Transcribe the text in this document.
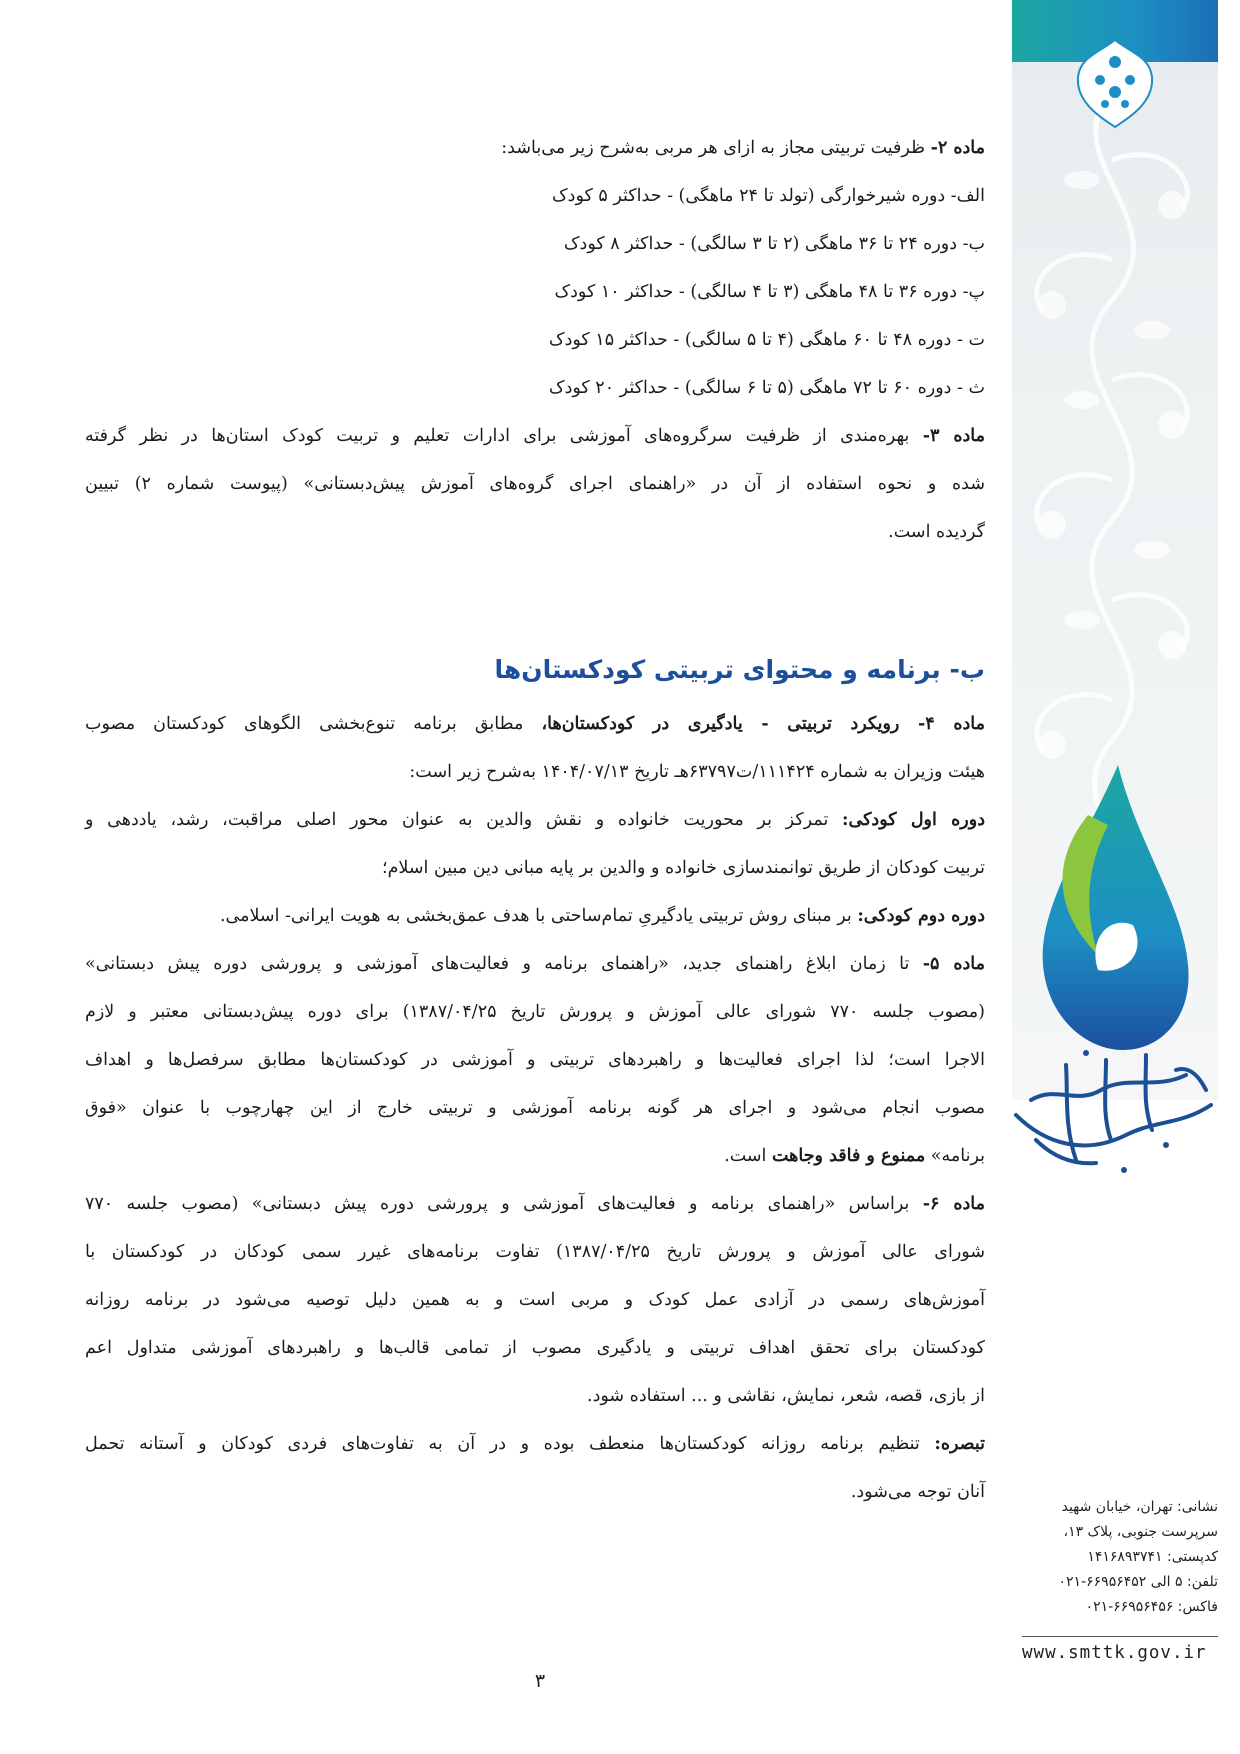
نشانی: تهران، خیابان شهید
سرپرست جنوبی، پلاک ۱۳،
کدپستی: ۱۴۱۶۸۹۳۷۴۱
تلفن: ۵ الی ۶۶۹۵۶۴۵۲-۰۲۱
فاکس: ۶۶۹۵۶۴۵۶-۰۲۱
www.smttk.gov.ir
ماده ۲- ظرفیت تربیتی مجاز به ازای هر مربی به‌شرح زیر می‌باشد:
الف- دوره شیرخوارگی (تولد تا ۲۴ ماهگی) - حداکثر ۵ کودک
ب- دوره ۲۴ تا ۳۶ ماهگی (۲ تا ۳ سالگی) - حداکثر ۸ کودک
پ- دوره ۳۶ تا ۴۸ ماهگی (۳ تا ۴ سالگی) - حداکثر ۱۰ کودک
ت - دوره ۴۸ تا ۶۰ ماهگی (۴ تا ۵ سالگی) - حداکثر ۱۵ کودک
ث - دوره ۶۰ تا ۷۲ ماهگی (۵ تا ۶ سالگی) - حداکثر ۲۰ کودک
ماده ۳- بهره‌مندی از ظرفیت سرگروه‌های آموزشی برای ادارات تعلیم و تربیت کودک استان‌ها در نظر گرفته
شده و نحوه استفاده از آن در «راهنمای اجرای گروه‌های آموزش پیش‌دبستانی» (پیوست شماره ۲) تبیین
گردیده است.
ب- برنامه و محتوای تربیتی کودکستان‌ها
ماده ۴- رویکرد تربیتی - یادگیری در کودکستان‌ها، مطابق برنامه تنوع‌بخشی الگوهای کودکستان مصوب
هیئت وزیران به شماره ۱۱۱۴۲۴/ت۶۳۷۹۷هـ تاریخ ۱۴۰۴/۰۷/۱۳ به‌شرح زیر است:
دوره اول کودکی: تمرکز بر محوریت خانواده و نقش والدین به عنوان محور اصلی مراقبت، رشد، یاددهی و
تربیت کودکان از طریق توانمندسازی خانواده و والدین بر پایه مبانی دین مبین اسلام؛
دوره دوم کودکی: بر مبنای روش تربیتی یادگیریِ تمام‌ساحتی با هدف عمق‌بخشی به هویت ایرانی- اسلامی.
ماده ۵- تا زمان ابلاغ راهنمای جدید، «راهنمای برنامه و فعالیت‌های آموزشی و پرورشی دوره پیش دبستانی»
(مصوب جلسه ۷۷۰ شورای عالی آموزش و پرورش تاریخ ۱۳۸۷/۰۴/۲۵) برای دوره پیش‌دبستانی معتبر و لازم
الاجرا است؛ لذا اجرای فعالیت‌ها و راهبردهای تربیتی و آموزشی در کودکستان‌ها مطابق سرفصل‌ها و اهداف
مصوب انجام می‌شود و اجرای هر گونه برنامه آموزشی و تربیتی خارج از این چهارچوب با عنوان «فوق
برنامه» ممنوع و فاقد وجاهت است.
ماده ۶- براساس «راهنمای برنامه و فعالیت‌های آموزشی و پرورشی دوره پیش دبستانی» (مصوب جلسه ۷۷۰
شورای عالی آموزش و پرورش تاریخ ۱۳۸۷/۰۴/۲۵) تفاوت برنامه‌های غیرر سمی کودکان در کودکستان با
آموزش‌های رسمی در آزادی عمل کودک و مربی است و به همین دلیل توصیه می‌شود در برنامه روزانه
کودکستان برای تحقق اهداف تربیتی و یادگیری مصوب از تمامی قالب‌ها و راهبردهای آموزشی متداول اعم
از بازی، قصه، شعر، نمایش، نقاشی و ... استفاده شود.
تبصره: تنظیم برنامه روزانه کودکستان‌ها منعطف بوده و در آن به تفاوت‌های فردی کودکان و آستانه تحمل
آنان توجه می‌شود.
۳
